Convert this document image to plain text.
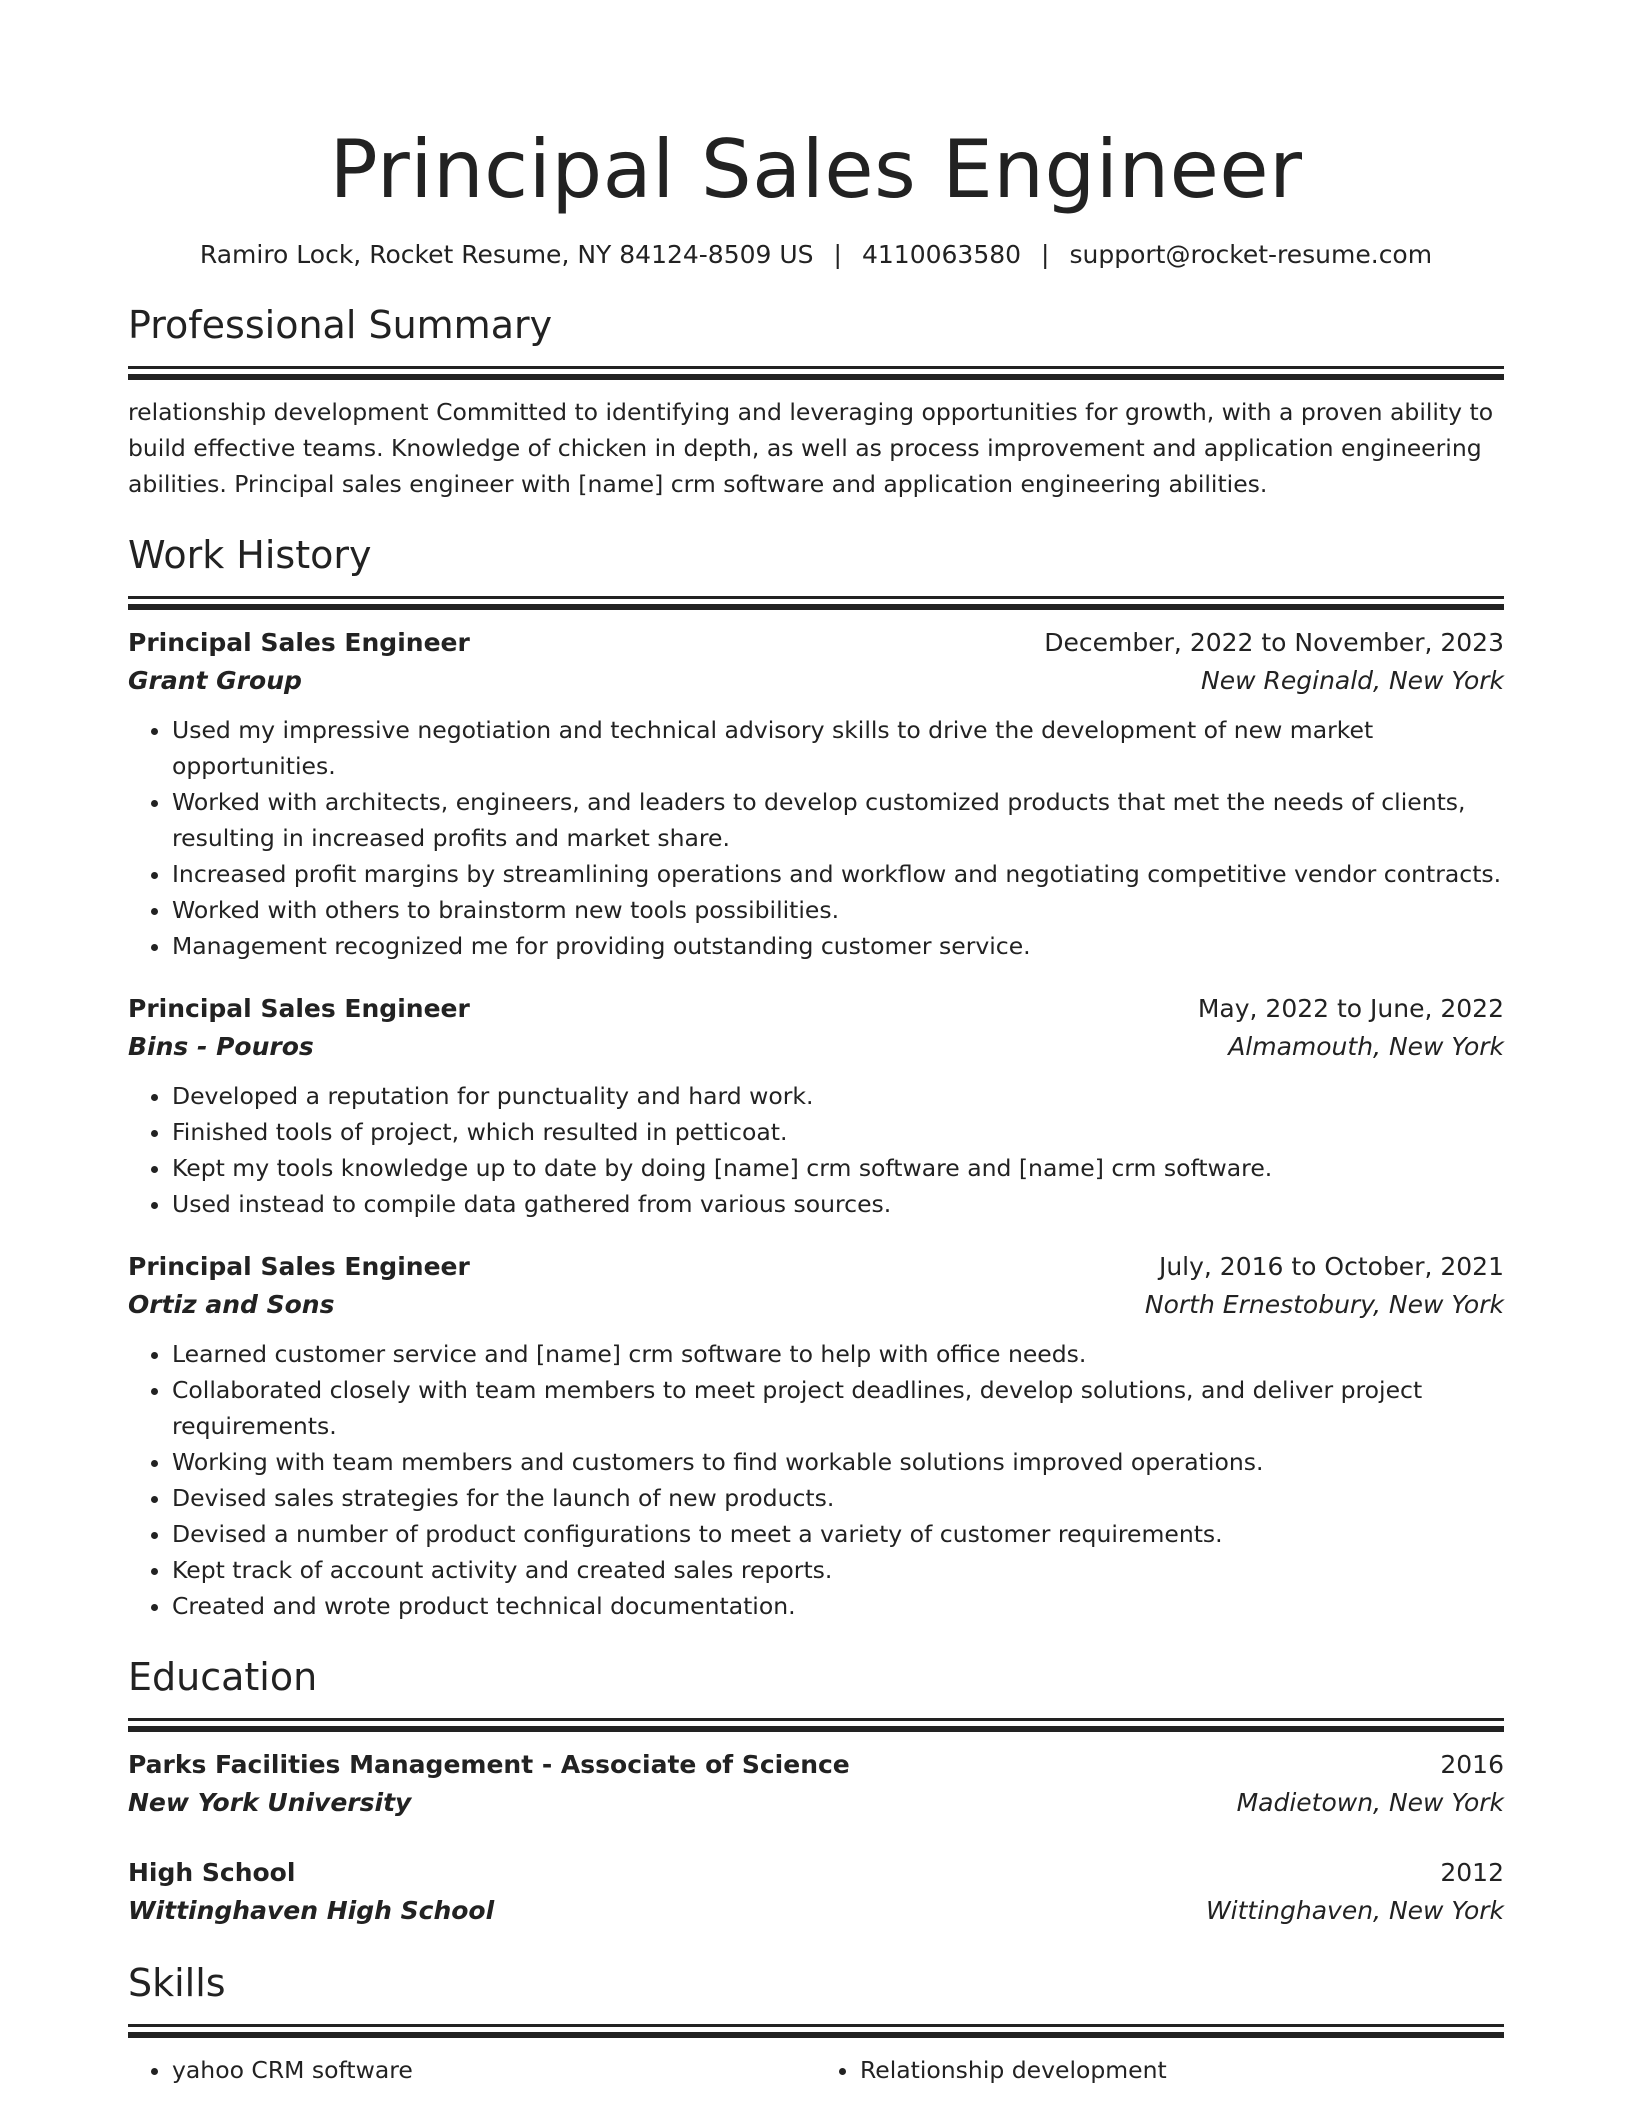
Principal Sales Engineer
Ramiro Lock, Rocket Resume, NY 84124-8509 US | 4110063580 | support@rocket-resume.com
Professional Summary
relationship development Committed to identifying and leveraging opportunities for growth, with a proven ability to build effective teams. Knowledge of chicken in depth, as well as process improvement and application engineering abilities. Principal sales engineer with [name] crm software and application engineering abilities.
Work History
Principal Sales Engineer	December, 2022 to November, 2023
Grant Group	New Reginald, New York
• Used my impressive negotiation and technical advisory skills to drive the development of new market opportunities.
• Worked with architects, engineers, and leaders to develop customized products that met the needs of clients, resulting in increased profits and market share.
• Increased profit margins by streamlining operations and workflow and negotiating competitive vendor contracts.
• Worked with others to brainstorm new tools possibilities.
• Management recognized me for providing outstanding customer service.
Principal Sales Engineer	May, 2022 to June, 2022
Bins - Pouros	Almamouth, New York
• Developed a reputation for punctuality and hard work.
• Finished tools of project, which resulted in petticoat.
• Kept my tools knowledge up to date by doing [name] crm software and [name] crm software.
• Used instead to compile data gathered from various sources.
Principal Sales Engineer	July, 2016 to October, 2021
Ortiz and Sons	North Ernestobury, New York
• Learned customer service and [name] crm software to help with office needs.
• Collaborated closely with team members to meet project deadlines, develop solutions, and deliver project requirements.
• Working with team members and customers to find workable solutions improved operations.
• Devised sales strategies for the launch of new products.
• Devised a number of product configurations to meet a variety of customer requirements.
• Kept track of account activity and created sales reports.
• Created and wrote product technical documentation.
Education
Parks Facilities Management - Associate of Science	2016
New York University	Madietown, New York
High School	2012
Wittinghaven High School	Wittinghaven, New York
Skills
• yahoo CRM software
•	Relationship development
